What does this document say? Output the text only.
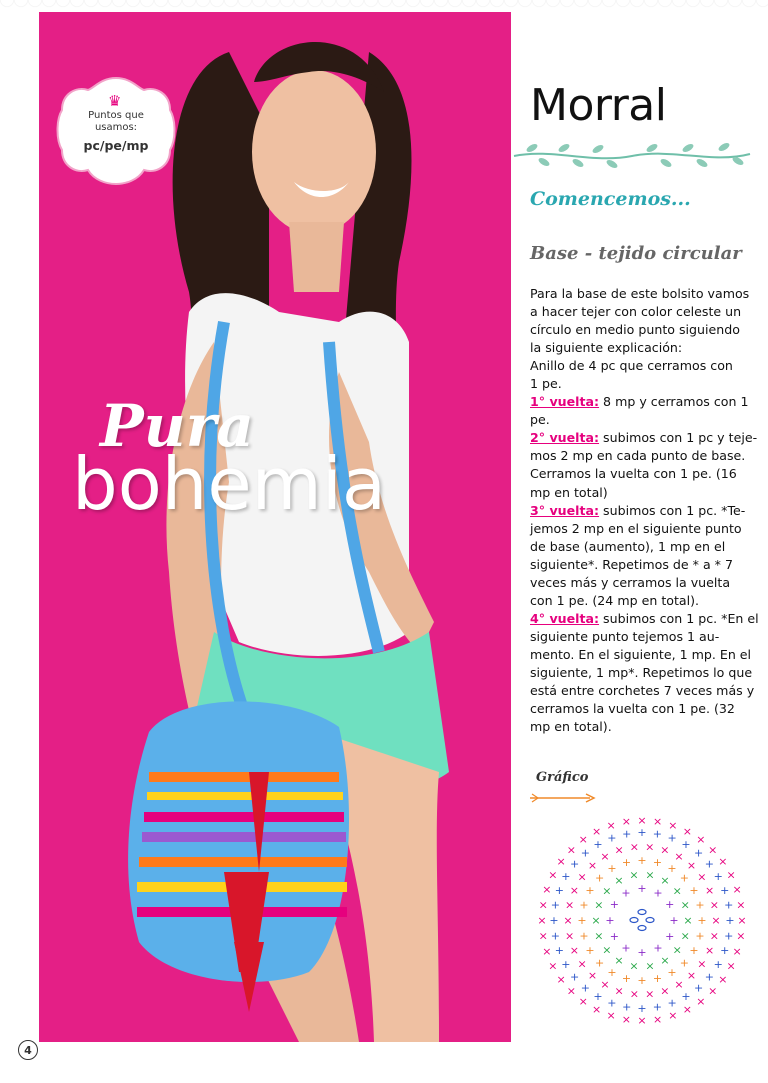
♛
Puntos que
usamos:
pc/pe/mp
Pura
bohemia
Morral
Comencemos...
Base - tejido circular
Para la base de este bolsito vamos
a hacer tejer con color celeste un
círculo en medio punto siguiendo
la siguiente explicación:
Anillo de 4 pc que cerramos con
1 pe.
1° vuelta: 8 mp y cerramos con 1
pe.
2° vuelta: subimos con 1 pc y teje-
mos 2 mp en cada punto de base.
Cerramos la vuelta con 1 pe. (16
mp en total)
3° vuelta: subimos con 1 pc. *Te-
jemos 2 mp en el siguiente punto
de base (aumento), 1 mp en el
siguiente*. Repetimos de * a * 7
veces más y cerramos la vuelta
con 1 pe. (24 mp en total).
4° vuelta: subimos con 1 pc. *En el
siguiente punto tejemos 1 au-
mento. En el siguiente, 1 mp. En el
siguiente, 1 mp*. Repetimos lo que
está entre corchetes 7 veces más y
cerramos la vuelta con 1 pe. (32
mp en total).
Gráfico
×
×
×
×
×
×
×
×
×
×
×
×
×
×
×
×
×
×
×
×
×
×
×
×
×
×
×
× × × × × × ×
×
×
×
×
×
×
+
+
+
+
+
+
+
+
+
+
+
+
+
+
+
+
+
+
+
+
+
+
+
+
+ + + + + + +
+
+
+
+
+
×
×
×
×
×
×
×
×
×
×
×
×
×
×
×
×
×
×
×
×
× × × × × ×
×
×
×
×
+
+
+
+
+
+
+
+
+
+
+
+
+
+
+
+
+ + + + +
+
+
+
×
×
×
×
×
×
×
×
×
×
×
×
× × × ×
×
×
+
+
+
+
+
+
+
+
+ + +
+
4
